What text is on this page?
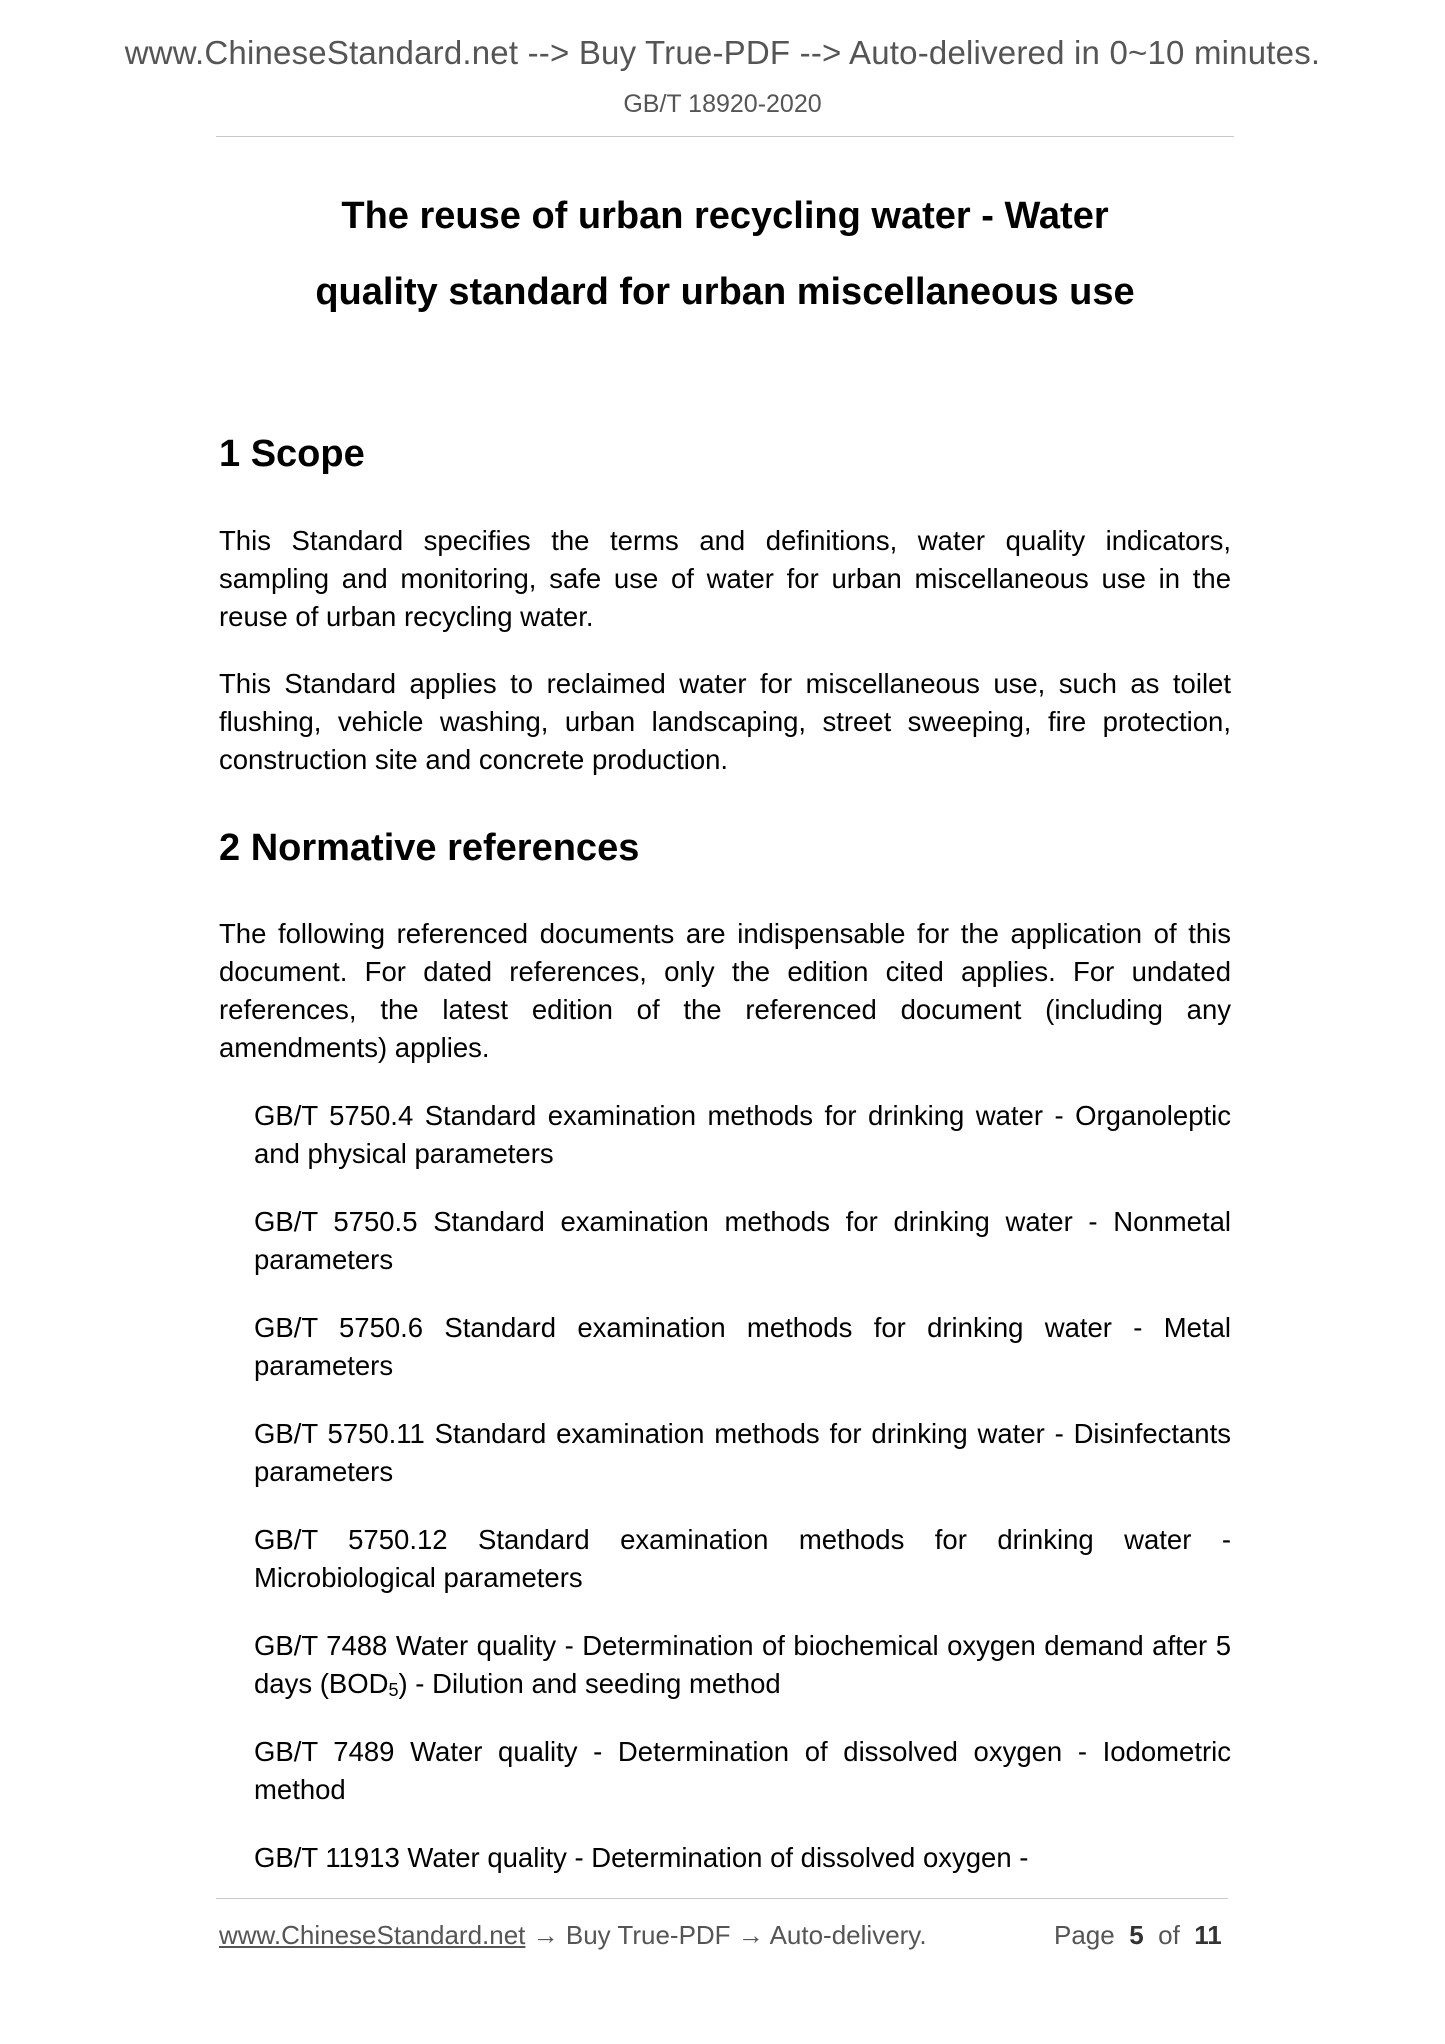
www.ChineseStandard.net --> Buy True-PDF --> Auto-delivered in 0~10 minutes.
GB/T 18920-2020
The reuse of urban recycling water - Water
quality standard for urban miscellaneous use
1 Scope
This Standard specifies the terms and definitions, water quality indicators, sampling and monitoring, safe use of water for urban miscellaneous use in the reuse of urban recycling water.
This Standard applies to reclaimed water for miscellaneous use, such as toilet flushing, vehicle washing, urban landscaping, street sweeping, fire protection, construction site and concrete production.
2 Normative references
The following referenced documents are indispensable for the application of this document. For dated references, only the edition cited applies. For undated references, the latest edition of the referenced document (including any amendments) applies.
GB/T 5750.4 Standard examination methods for drinking water - Organoleptic and physical parameters
GB/T 5750.5 Standard examination methods for drinking water - Nonmetal parameters
GB/T 5750.6 Standard examination methods for drinking water - Metal parameters
GB/T 5750.11 Standard examination methods for drinking water - Disinfectants parameters
GB/T 5750.12 Standard examination methods for drinking water - Microbiological parameters
GB/T 7488 Water quality - Determination of biochemical oxygen demand after 5 days $(BOD_5)$ - Dilution and seeding method
GB/T 7489 Water quality - Determination of dissolved oxygen - Iodometric method
GB/T 11913 Water quality - Determination of dissolved oxygen -
www.ChineseStandard.net → Buy True-PDF → Auto-delivery.	Page 5 of 11
